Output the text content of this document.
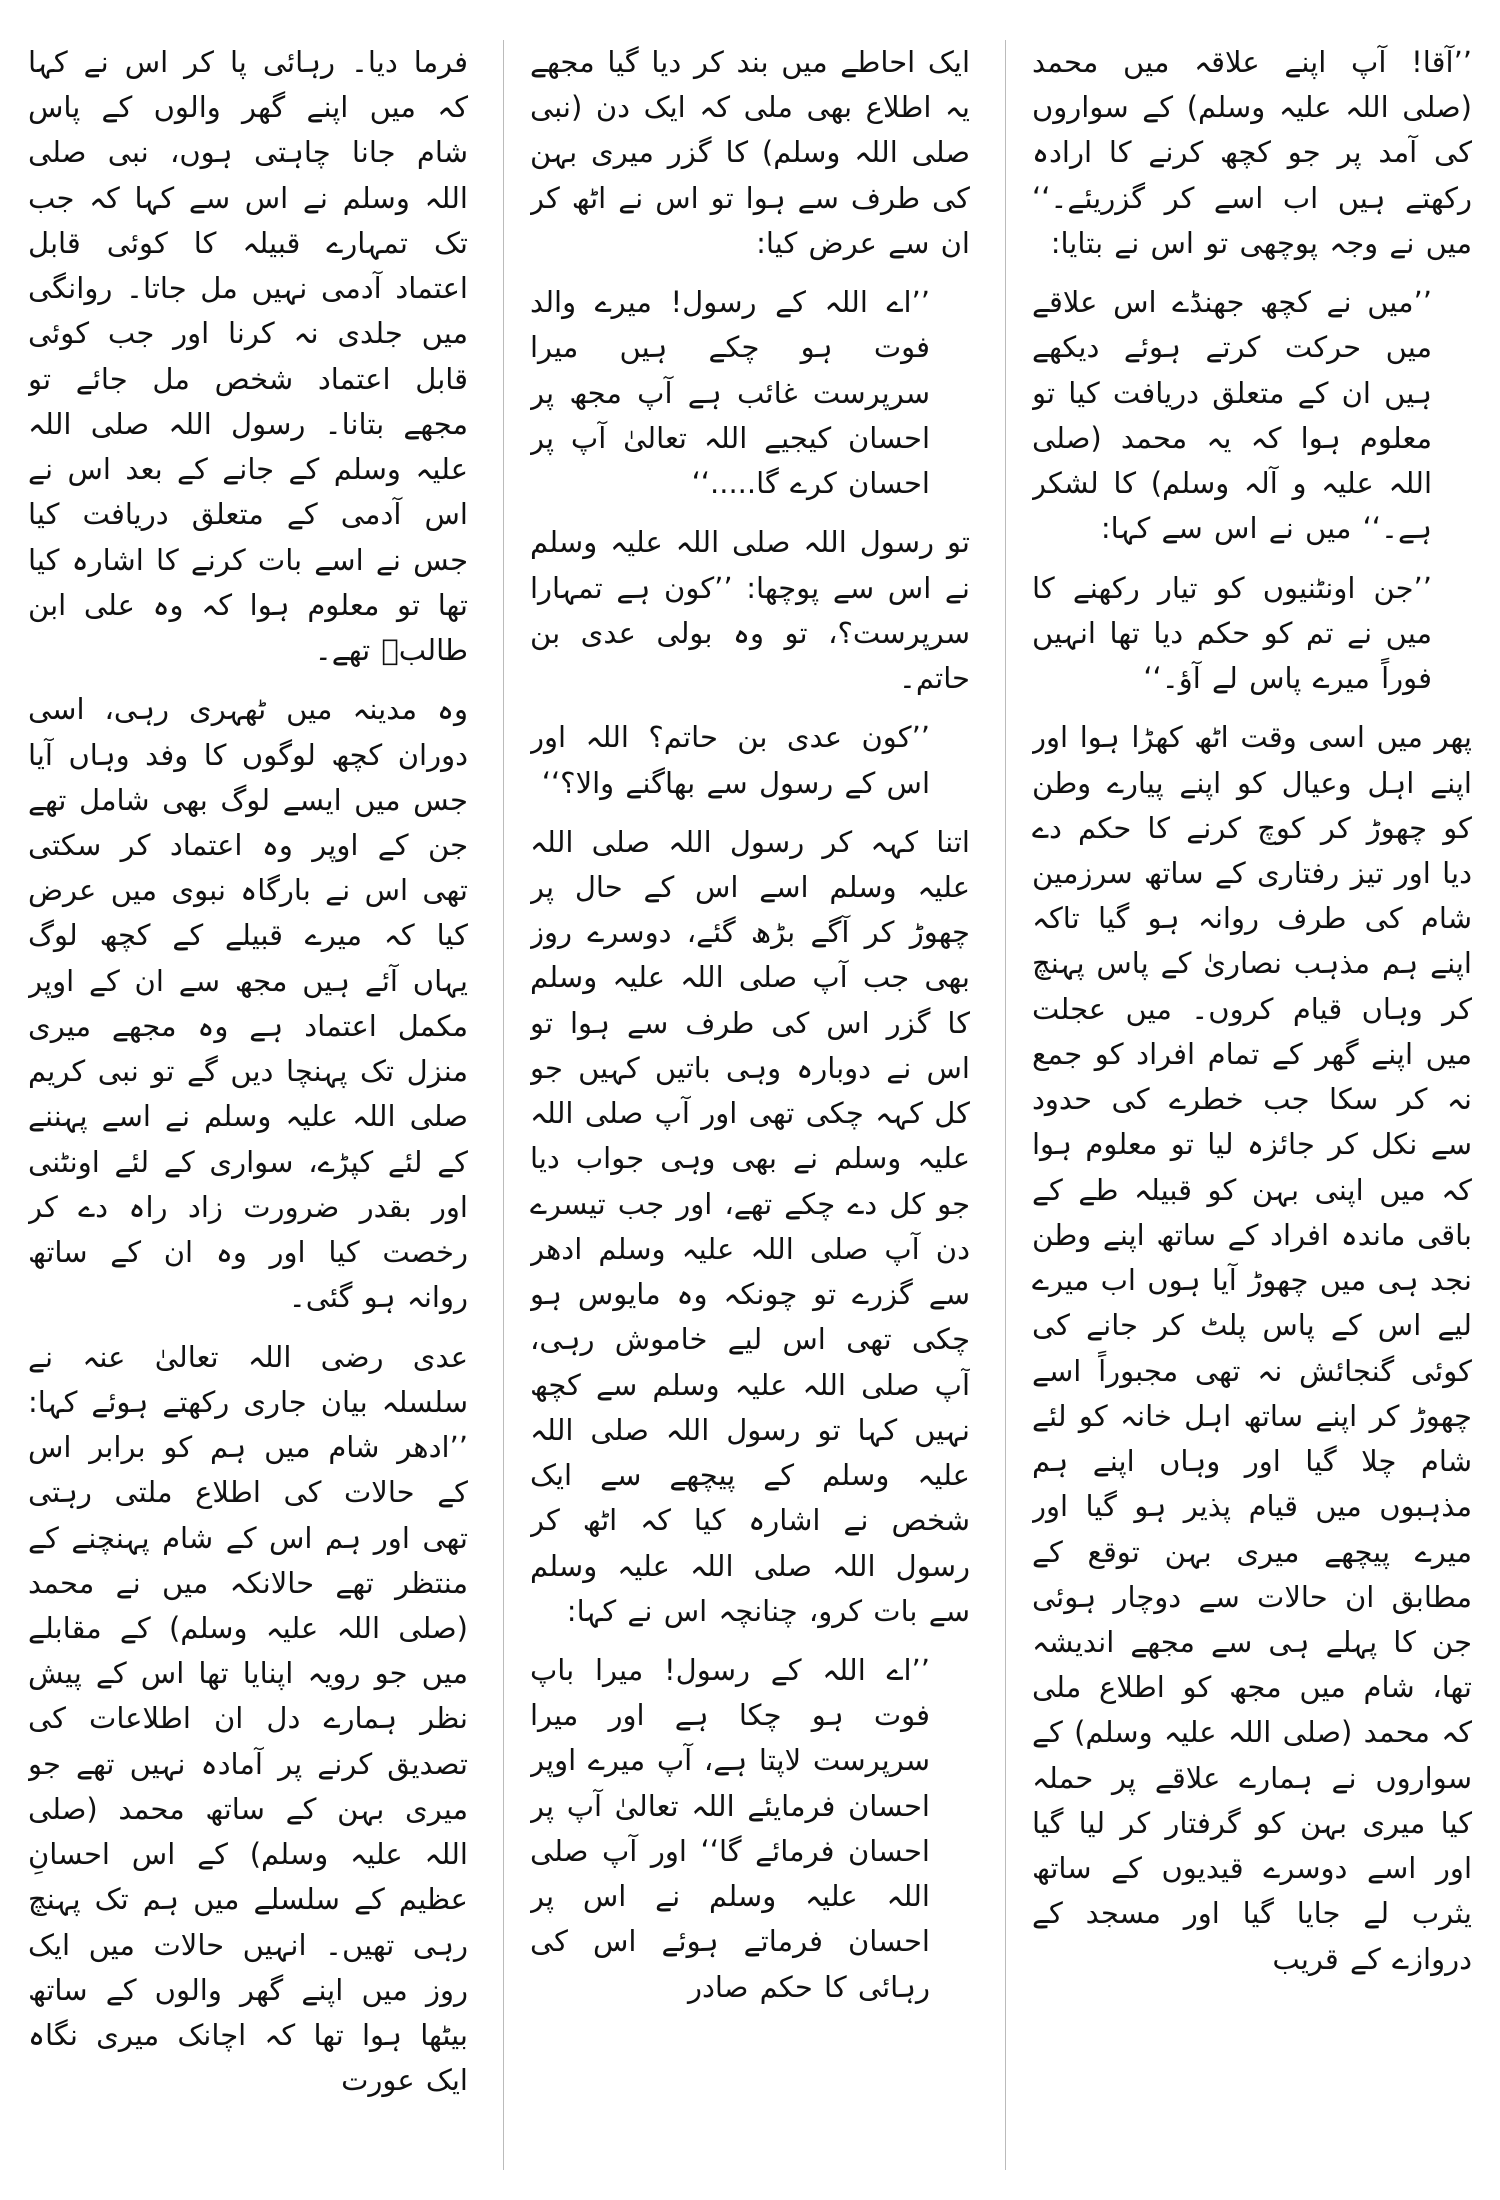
’’آقا! آپ اپنے علاقہ میں محمد (صلی اللہ علیہ وسلم) کے سواروں کی آمد پر جو کچھ کرنے کا ارادہ رکھتے ہیں اب اسے کر گزریئے۔‘‘ میں نے وجہ پوچھی تو اس نے بتایا:

’’میں نے کچھ جھنڈے اس علاقے میں حرکت کرتے ہوئے دیکھے ہیں ان کے متعلق دریافت کیا تو معلوم ہوا کہ یہ محمد (صلی اللہ علیہ و آلہ وسلم) کا لشکر ہے۔‘‘ میں نے اس سے کہا:

’’جن اونٹنیوں کو تیار رکھنے کا میں نے تم کو حکم دیا تھا انہیں فوراً میرے پاس لے آؤ۔‘‘

پھر میں اسی وقت اٹھ کھڑا ہوا اور اپنے اہل وعیال کو اپنے پیارے وطن کو چھوڑ کر کوچ کرنے کا حکم دے دیا اور تیز رفتاری کے ساتھ سرزمین شام کی طرف روانہ ہو گیا تاکہ اپنے ہم مذہب نصاریٰ کے پاس پہنچ کر وہاں قیام کروں۔ میں عجلت میں اپنے گھر کے تمام افراد کو جمع نہ کر سکا جب خطرے کی حدود سے نکل کر جائزہ لیا تو معلوم ہوا کہ میں اپنی بہن کو قبیلہ طے کے باقی ماندہ افراد کے ساتھ اپنے وطن نجد ہی میں چھوڑ آیا ہوں اب میرے لیے اس کے پاس پلٹ کر جانے کی کوئی گنجائش نہ تھی مجبوراً اسے چھوڑ کر اپنے ساتھ اہل خانہ کو لئے شام چلا گیا اور وہاں اپنے ہم مذہبوں میں قیام پذیر ہو گیا اور میرے پیچھے میری بہن توقع کے مطابق ان حالات سے دوچار ہوئی جن کا پہلے ہی سے مجھے اندیشہ تھا، شام میں مجھ کو اطلاع ملی کہ محمد (صلی اللہ علیہ وسلم) کے سواروں نے ہمارے علاقے پر حملہ کیا میری بہن کو گرفتار کر لیا گیا اور اسے دوسرے قیدیوں کے ساتھ یثرب لے جایا گیا اور مسجد کے دروازے کے قریب

ایک احاطے میں بند کر دیا گیا مجھے یہ اطلاع بھی ملی کہ ایک دن (نبی صلی اللہ وسلم) کا گزر میری بہن کی طرف سے ہوا تو اس نے اٹھ کر ان سے عرض کیا:

’’اے اللہ کے رسول! میرے والد فوت ہو چکے ہیں میرا سرپرست غائب ہے آپ مجھ پر احسان کیجیے اللہ تعالیٰ آپ پر احسان کرے گا.....‘‘

تو رسول اللہ صلی اللہ علیہ وسلم نے اس سے پوچھا: ’’کون ہے تمہارا سرپرست؟، تو وہ بولی عدی بن حاتم۔

’’کون عدی بن حاتم؟ اللہ اور اس کے رسول سے بھاگنے والا؟‘‘

اتنا کہہ کر رسول اللہ صلی اللہ علیہ وسلم اسے اس کے حال پر چھوڑ کر آگے بڑھ گئے، دوسرے روز بھی جب آپ صلی اللہ علیہ وسلم کا گزر اس کی طرف سے ہوا تو اس نے دوبارہ وہی باتیں کہیں جو کل کہہ چکی تھی اور آپ صلی اللہ علیہ وسلم نے بھی وہی جواب دیا جو کل دے چکے تھے، اور جب تیسرے دن آپ صلی اللہ علیہ وسلم ادھر سے گزرے تو چونکہ وہ مایوس ہو چکی تھی اس لیے خاموش رہی، آپ صلی اللہ علیہ وسلم سے کچھ نہیں کہا تو رسول اللہ صلی اللہ علیہ وسلم کے پیچھے سے ایک شخص نے اشارہ کیا کہ اٹھ کر رسول اللہ صلی اللہ علیہ وسلم سے بات کرو، چنانچہ اس نے کہا:

’’اے اللہ کے رسول! میرا باپ فوت ہو چکا ہے اور میرا سرپرست لاپتا ہے، آپ میرے اوپر احسان فرمایئے اللہ تعالیٰ آپ پر احسان فرمائے گا‘‘ اور آپ صلی اللہ علیہ وسلم نے اس پر احسان فرماتے ہوئے اس کی رہائی کا حکم صادر

فرما دیا۔ رہائی پا کر اس نے کہا کہ میں اپنے گھر والوں کے پاس شام جانا چاہتی ہوں، نبی صلی اللہ وسلم نے اس سے کہا کہ جب تک تمہارے قبیلہ کا کوئی قابل اعتماد آدمی نہیں مل جاتا۔ روانگی میں جلدی نہ کرنا اور جب کوئی قابل اعتماد شخص مل جائے تو مجھے بتانا۔ رسول اللہ صلی اللہ علیہ وسلم کے جانے کے بعد اس نے اس آدمی کے متعلق دریافت کیا جس نے اسے بات کرنے کا اشارہ کیا تھا تو معلوم ہوا کہ وہ علی ابن طالبؓ تھے۔

وہ مدینہ میں ٹھہری رہی، اسی دوران کچھ لوگوں کا وفد وہاں آیا جس میں ایسے لوگ بھی شامل تھے جن کے اوپر وہ اعتماد کر سکتی تھی اس نے بارگاہ نبوی میں عرض کیا کہ میرے قبیلے کے کچھ لوگ یہاں آئے ہیں مجھ سے ان کے اوپر مکمل اعتماد ہے وہ مجھے میری منزل تک پہنچا دیں گے تو نبی کریم صلی اللہ علیہ وسلم نے اسے پہننے کے لئے کپڑے، سواری کے لئے اونٹنی اور بقدر ضرورت زاد راہ دے کر رخصت کیا اور وہ ان کے ساتھ روانہ ہو گئی۔

عدی رضی اللہ تعالیٰ عنہ نے سلسلہ بیان جاری رکھتے ہوئے کہا: ’’ادھر شام میں ہم کو برابر اس کے حالات کی اطلاع ملتی رہتی تھی اور ہم اس کے شام پہنچنے کے منتظر تھے حالانکہ میں نے محمد (صلی اللہ علیہ وسلم) کے مقابلے میں جو رویہ اپنایا تھا اس کے پیش نظر ہمارے دل ان اطلاعات کی تصدیق کرنے پر آمادہ نہیں تھے جو میری بہن کے ساتھ محمد (صلی اللہ علیہ وسلم) کے اس احسانِ عظیم کے سلسلے میں ہم تک پہنچ رہی تھیں۔ انہیں حالات میں ایک روز میں اپنے گھر والوں کے ساتھ بیٹھا ہوا تھا کہ اچانک میری نگاہ ایک عورت
